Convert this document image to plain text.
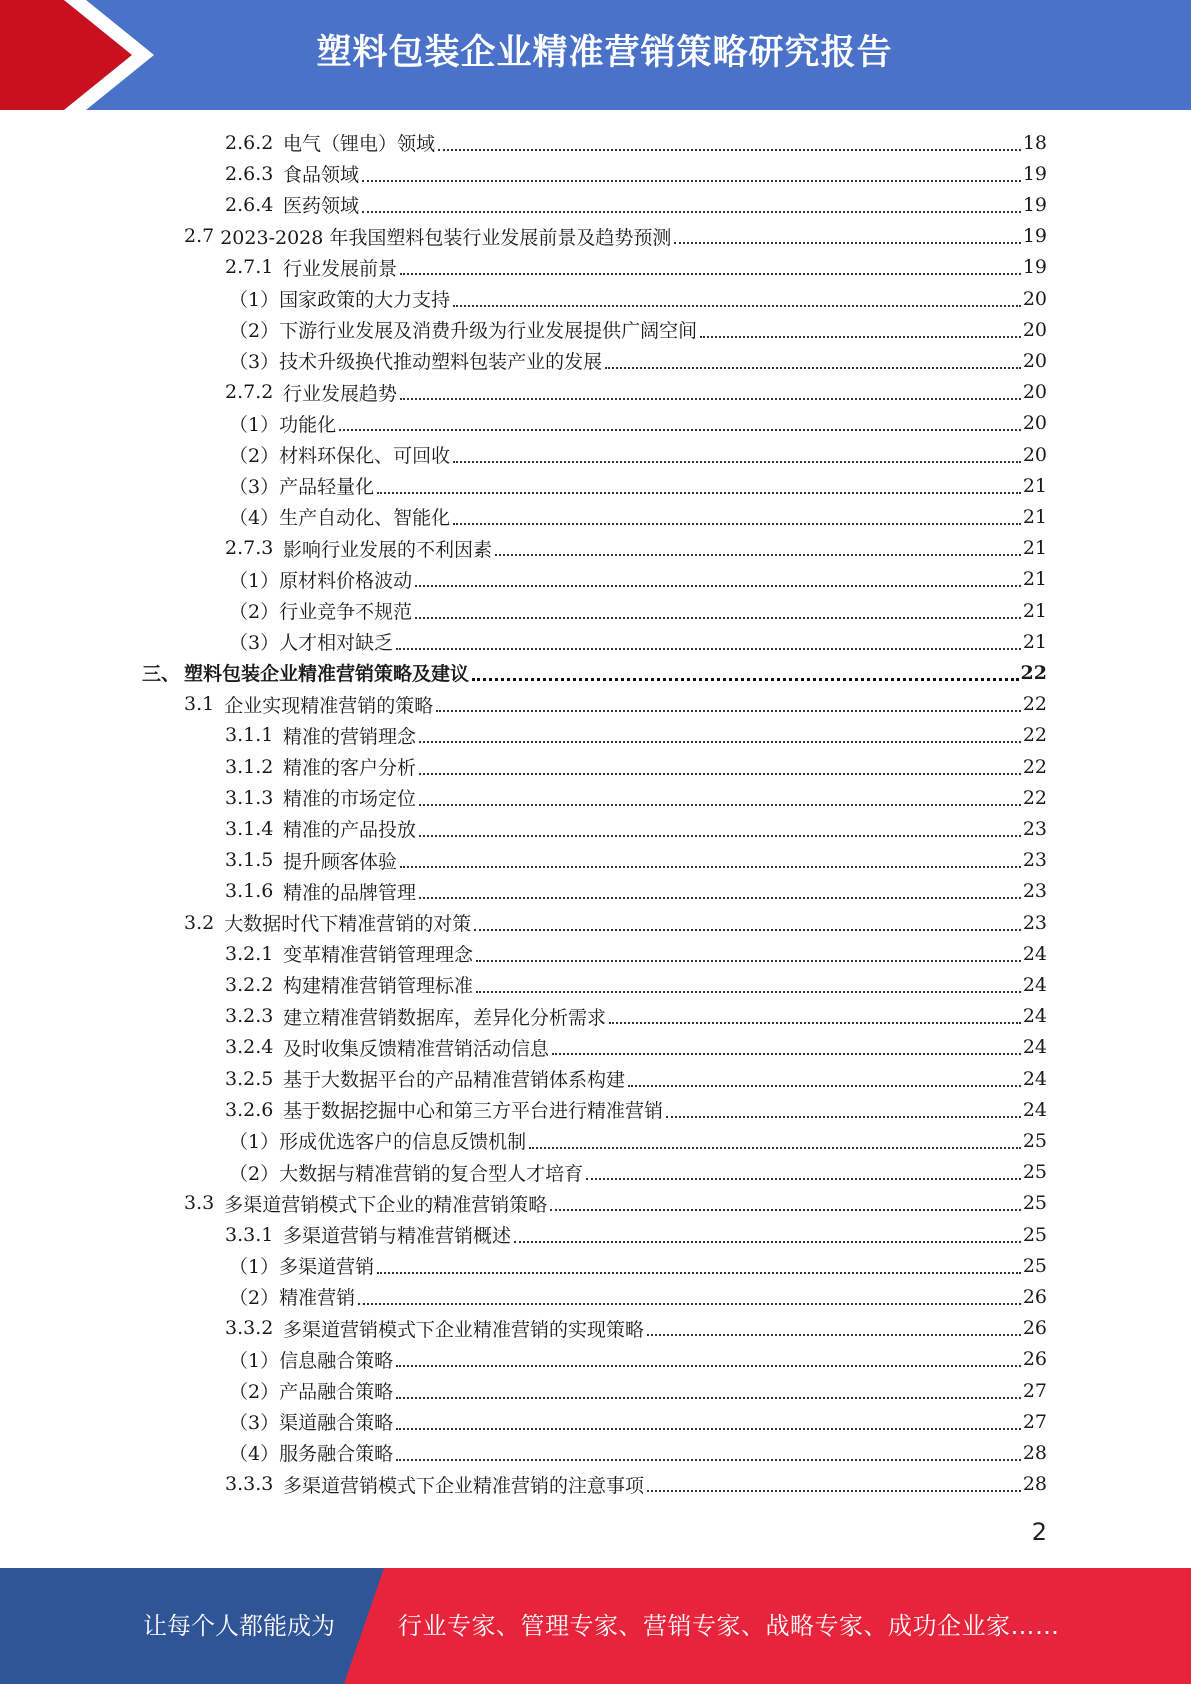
塑料包装企业精准营销策略研究报告
2.6.2 电气（锂电）领域	18
2.6.3 食品领域	19
2.6.4 医药领域	19
2.7 2023-2028 年我国塑料包装行业发展前景及趋势预测	19
2.7.1 行业发展前景	19
（1） 国家政策的大力支持	20
（2） 下游行业发展及消费升级为行业发展提供广阔空间	20
（3） 技术升级换代推动塑料包装产业的发展	20
2.7.2 行业发展趋势	20
（1） 功能化	20
（2） 材料环保化、可回收	20
（3） 产品轻量化	21
（4） 生产自动化、智能化	21
2.7.3 影响行业发展的不利因素	21
（1） 原材料价格波动	21
（2） 行业竞争不规范	21
（3） 人才相对缺乏	21
三、 塑料包装企业精准营销策略及建议	22
3.1 企业实现精准营销的策略	22
3.1.1 精准的营销理念	22
3.1.2 精准的客户分析	22
3.1.3 精准的市场定位	22
3.1.4 精准的产品投放	23
3.1.5 提升顾客体验	23
3.1.6 精准的品牌管理	23
3.2 大数据时代下精准营销的对策	23
3.2.1 变革精准营销管理理念	24
3.2.2 构建精准营销管理标准	24
3.2.3 建立精准营销数据库，差异化分析需求	24
3.2.4 及时收集反馈精准营销活动信息	24
3.2.5 基于大数据平台的产品精准营销体系构建	24
3.2.6 基于数据挖掘中心和第三方平台进行精准营销	24
（1） 形成优选客户的信息反馈机制	25
（2） 大数据与精准营销的复合型人才培育	25
3.3 多渠道营销模式下企业的精准营销策略	25
3.3.1 多渠道营销与精准营销概述	25
（1） 多渠道营销	25
（2） 精准营销	26
3.3.2 多渠道营销模式下企业精准营销的实现策略	26
（1） 信息融合策略	26
（2） 产品融合策略	27
（3） 渠道融合策略	27
（4） 服务融合策略	28
3.3.3 多渠道营销模式下企业精准营销的注意事项	28
2
让每个人都能成为	行业专家、管理专家、营销专家、战略专家、成功企业家……
